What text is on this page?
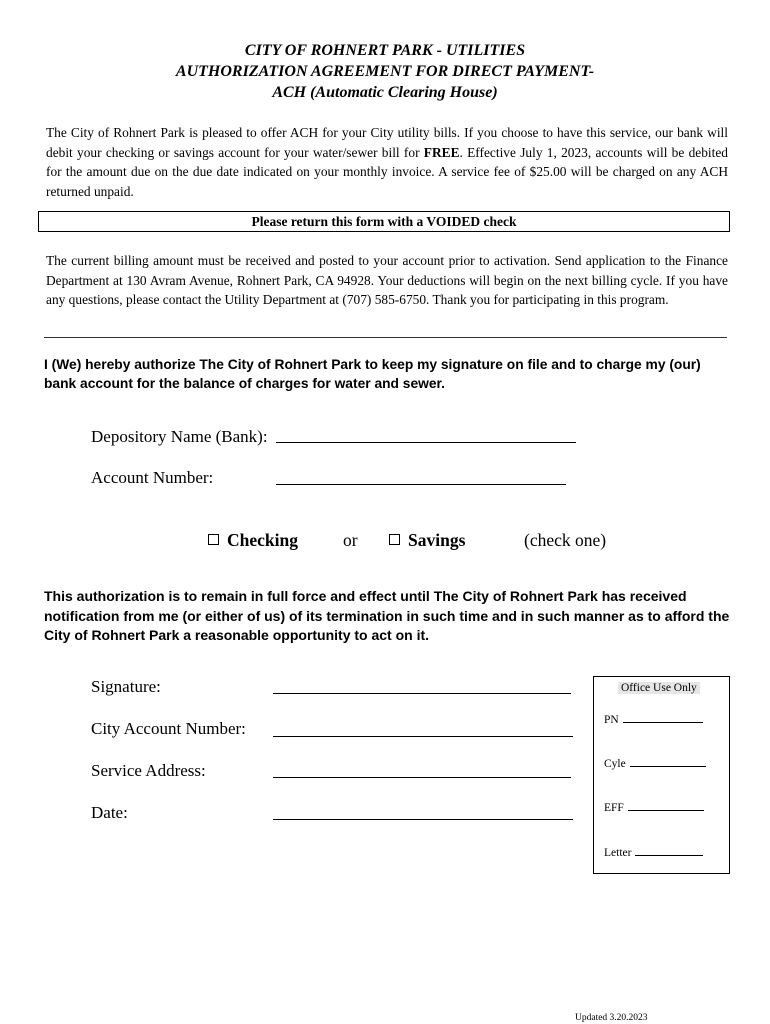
CITY OF ROHNERT PARK - UTILITIES
AUTHORIZATION AGREEMENT FOR DIRECT PAYMENT-
ACH (Automatic Clearing House)
The City of Rohnert Park is pleased to offer ACH for your City utility bills. If you choose to have this service, our bank will debit your checking or savings account for your water/sewer bill for FREE. Effective July 1, 2023, accounts will be debited for the amount due on the due date indicated on your monthly invoice. A service fee of $25.00 will be charged on any ACH returned unpaid.
Please return this form with a VOIDED check
The current billing amount must be received and posted to your account prior to activation. Send application to the Finance Department at 130 Avram Avenue, Rohnert Park, CA 94928. Your deductions will begin on the next billing cycle. If you have any questions, please contact the Utility Department at (707) 585-6750. Thank you for participating in this program.
I (We) hereby authorize The City of Rohnert Park to keep my signature on file and to charge my (our) bank account for the balance of charges for water and sewer.
Depository Name (Bank):
Account Number:
Checking	or	Savings	(check one)
This authorization is to remain in full force and effect until The City of Rohnert Park has received notification from me (or either of us) of its termination in such time and in such manner as to afford the City of Rohnert Park a reasonable opportunity to act on it.
Signature:
City Account Number:
Service Address:
Date:
Office Use Only
PN
Cyle
EFF
Letter
Updated 3.20.2023
